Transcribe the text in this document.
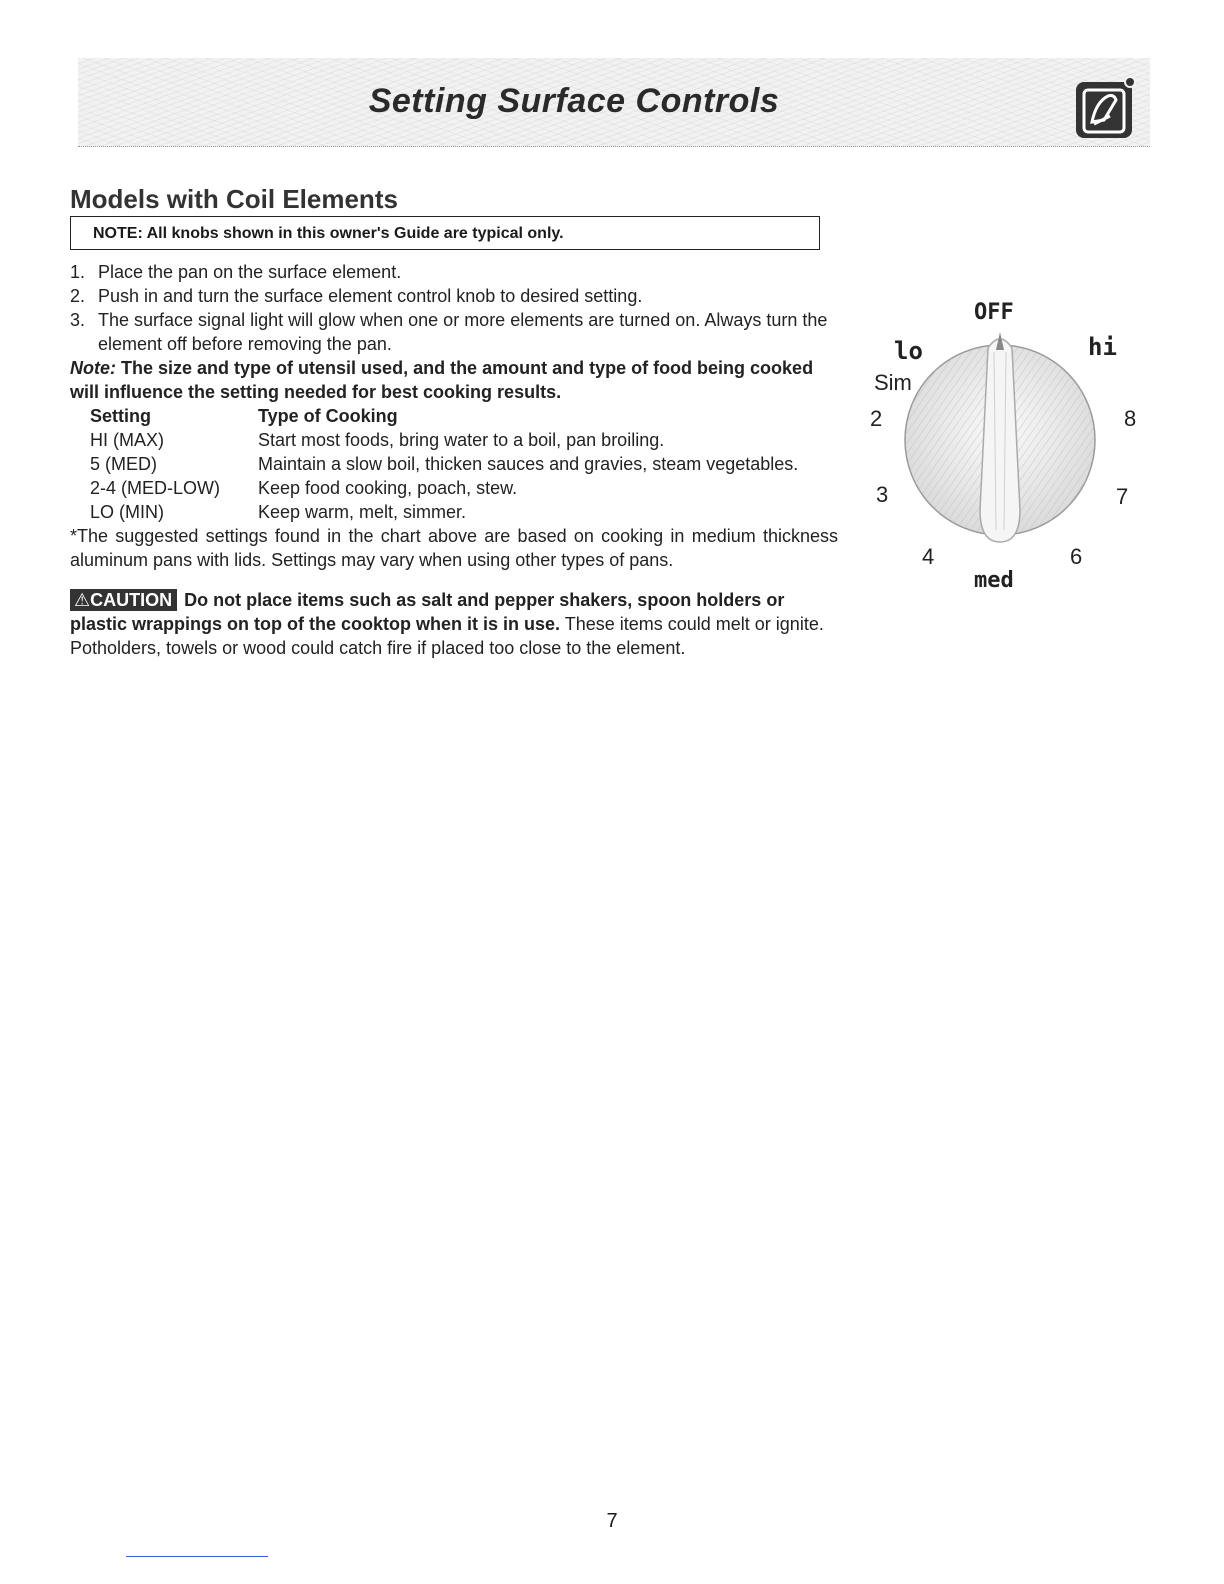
Setting Surface Controls
Models with Coil Elements
NOTE: All knobs shown in this owner's Guide are typical only.
1. Place the pan on the surface element.
2. Push in and turn the surface element control knob to desired setting.
3. The surface signal light will glow when one or more elements are turned on. Always turn the element off before removing the pan.

Note: The size and type of utensil used, and the amount and type of food being cooked will influence the setting needed for best cooking results.

Setting	Type of Cooking
HI (MAX)	Start most foods, bring water to a boil, pan broiling.
5 (MED)	Maintain a slow boil, thicken sauces and gravies, steam vegetables.
2-4 (MED-LOW)	Keep food cooking, poach, stew.
LO (MIN)	Keep warm, melt, simmer.

*The suggested settings found in the chart above are based on cooking in medium thickness aluminum pans with lids. Settings may vary when using other types of pans.

⚠CAUTION Do not place items such as salt and pepper shakers, spoon holders or plastic wrappings on top of the cooktop when it is in use. These items could melt or ignite. Potholders, towels or wood could catch fire if placed too close to the element.

OFF
lo	hi
Sim
2	8
3	7
4	6
med
7
